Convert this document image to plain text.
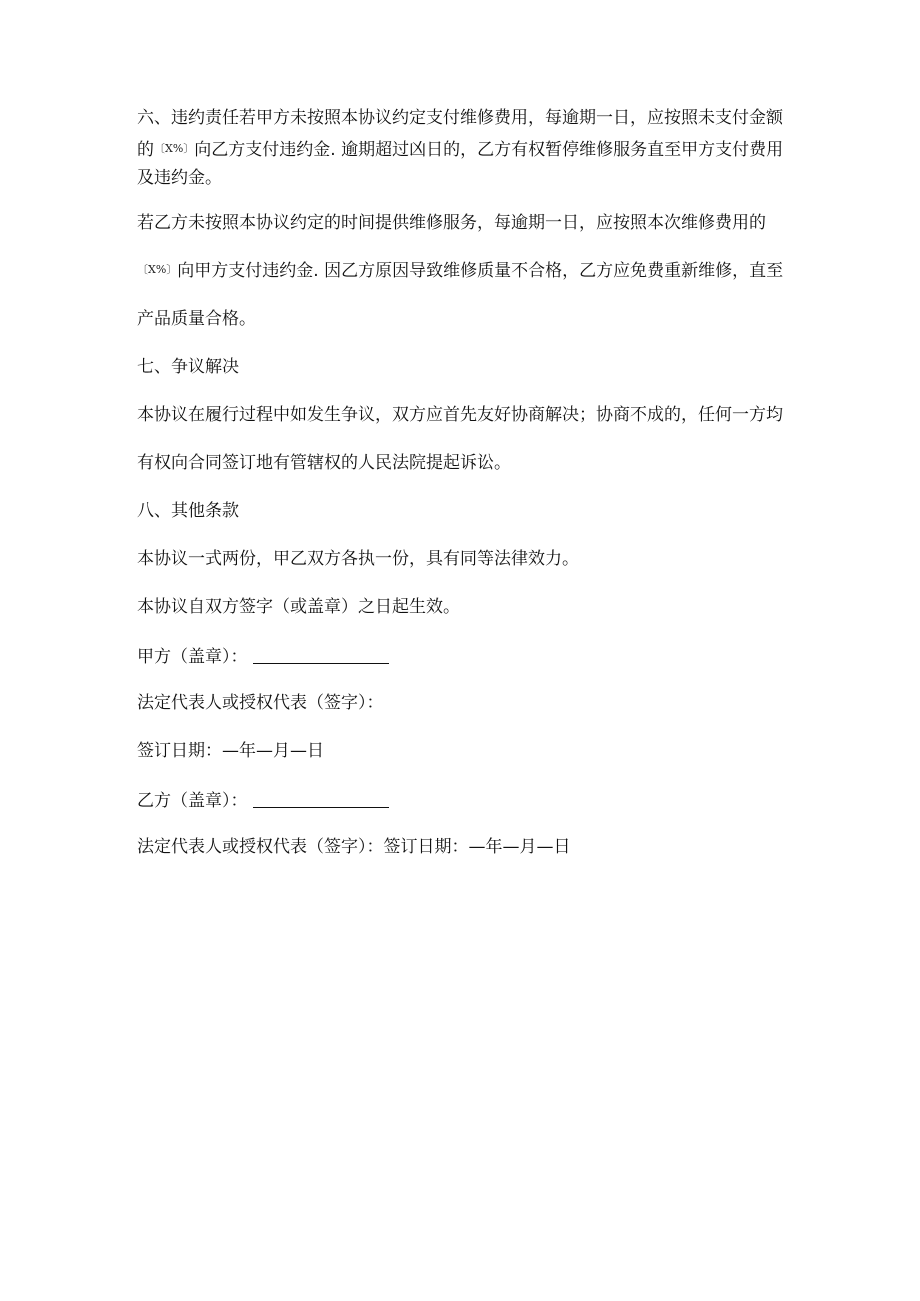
六、违约责任若甲方未按照本协议约定支付维修费用，每逾期一日，应按照未支付金额
的〔X%〕向乙方支付违约金. 逾期超过凶日的，乙方有权暂停维修服务直至甲方支付费用
及违约金。
若乙方未按照本协议约定的时间提供维修服务，每逾期一日，应按照本次维修费用的
〔X%〕向甲方支付违约金. 因乙方原因导致维修质量不合格，乙方应免费重新维修，直至
产品质量合格。
七、争议解决
本协议在履行过程中如发生争议，双方应首先友好协商解决；协商不成的，任何一方均
有权向合同签订地有管辖权的人民法院提起诉讼。
八、其他条款
本协议一式两份，甲乙双方各执一份，具有同等法律效力。
本协议自双方签字（或盖章）之日起生效。
甲方（盖章）：
法定代表人或授权代表（签字）：
签订日期：—年—月—日
乙方（盖章）：
法定代表人或授权代表（签字）：签订日期：—年—月—日
